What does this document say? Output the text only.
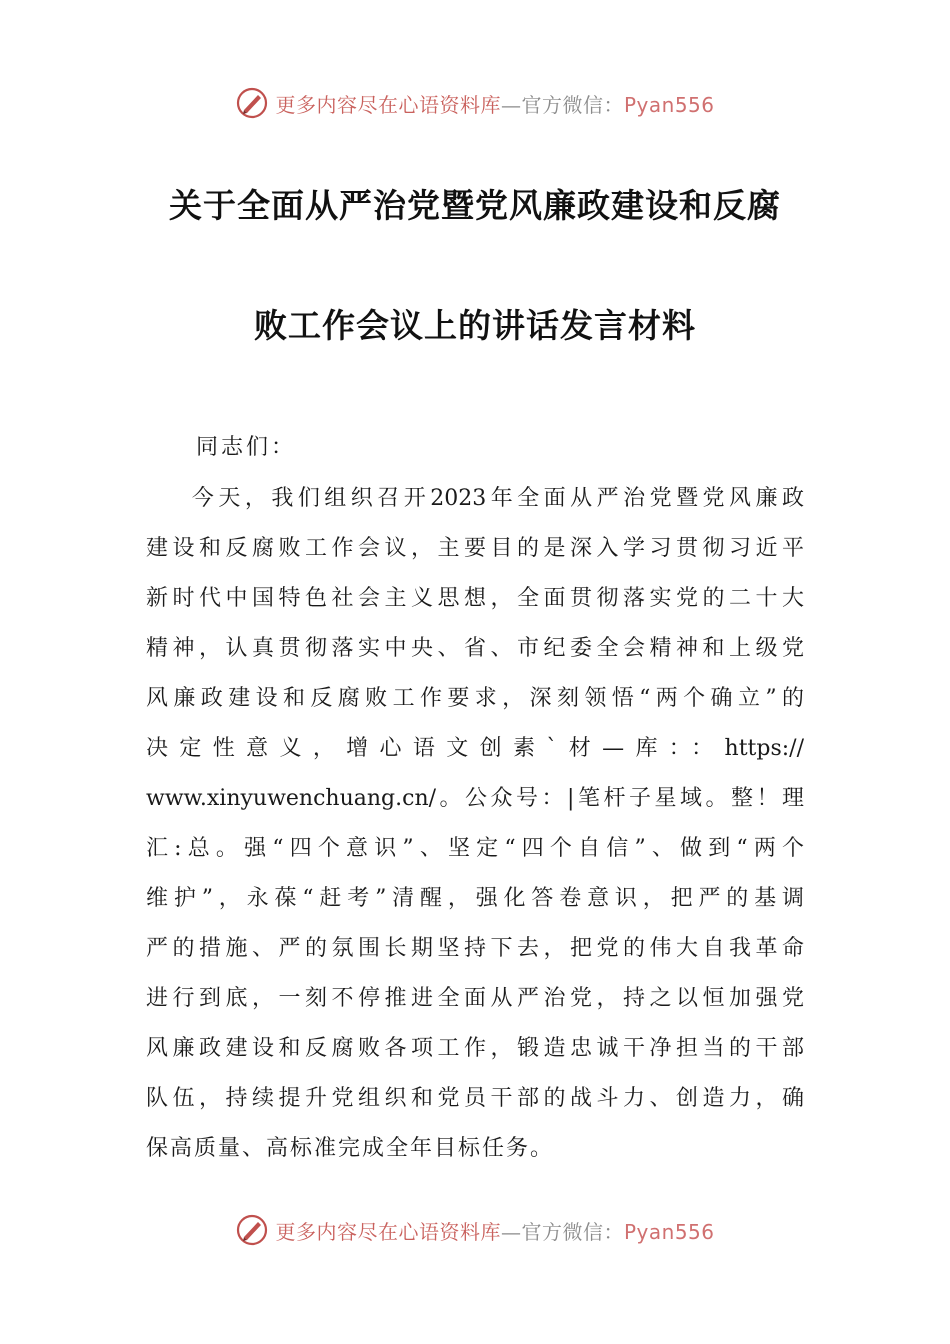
更多内容尽在心语资料库—官方微信：Pyan556
关于全面从严治党暨党风廉政建设和反腐
败工作会议上的讲话发言材料
同志们：
今天，我们组织召开2023年全面从严治党暨党风廉政
建设和反腐败工作会议，主要目的是深入学习贯彻习近平
新时代中国特色社会主义思想，全面贯彻落实党的二十大
精神，认真贯彻落实中央、省、市纪委全会精神和上级党
风廉政建设和反腐败工作要求，深刻领悟“两个确立”的
决定性意义，增心语文创素`材—库：：https://
www.xinyuwenchuang.cn/。公众号：|笔杆子星域。整！理
汇:总。强“四个意识”、坚定“四个自信”、做到“两个
维护”，永葆“赶考”清醒，强化答卷意识，把严的基调
严的措施、严的氛围长期坚持下去，把党的伟大自我革命
进行到底，一刻不停推进全面从严治党，持之以恒加强党
风廉政建设和反腐败各项工作，锻造忠诚干净担当的干部
队伍，持续提升党组织和党员干部的战斗力、创造力，确
保高质量、高标准完成全年目标任务。
更多内容尽在心语资料库—官方微信：Pyan556
